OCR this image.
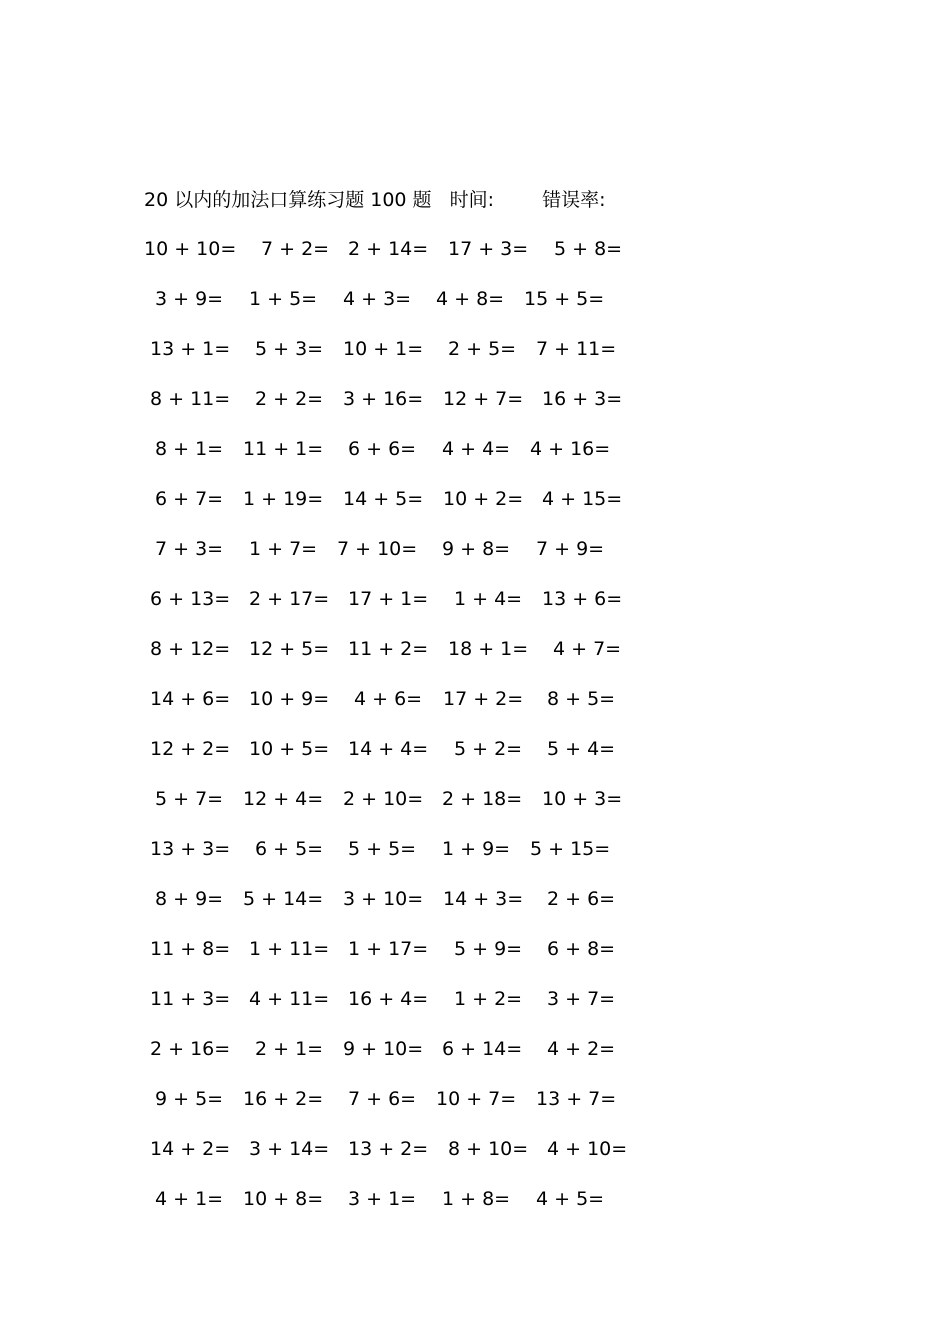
20 以内的加法口算练习题 100 题 时间:	错误率:
10 + 10= 7 + 2= 2 + 14= 17 + 3= 5 + 8=
3 + 9= 1 + 5= 4 + 3= 4 + 8= 15 + 5=
13 + 1= 5 + 3= 10 + 1= 2 + 5= 7 + 11=
8 + 11= 2 + 2= 3 + 16= 12 + 7= 16 + 3=
8 + 1= 11 + 1= 6 + 6= 4 + 4= 4 + 16=
6 + 7= 1 + 19= 14 + 5= 10 + 2= 4 + 15=
7 + 3= 1 + 7= 7 + 10= 9 + 8= 7 + 9=
6 + 13= 2 + 17= 17 + 1= 1 + 4= 13 + 6=
8 + 12= 12 + 5= 11 + 2= 18 + 1= 4 + 7=
14 + 6= 10 + 9= 4 + 6= 17 + 2= 8 + 5=
12 + 2= 10 + 5= 14 + 4= 5 + 2= 5 + 4=
5 + 7= 12 + 4= 2 + 10= 2 + 18= 10 + 3=
13 + 3= 6 + 5= 5 + 5= 1 + 9= 5 + 15=
8 + 9= 5 + 14= 3 + 10= 14 + 3= 2 + 6=
11 + 8= 1 + 11= 1 + 17= 5 + 9= 6 + 8=
11 + 3= 4 + 11= 16 + 4= 1 + 2= 3 + 7=
2 + 16= 2 + 1= 9 + 10= 6 + 14= 4 + 2=
9 + 5= 16 + 2= 7 + 6= 10 + 7= 13 + 7=
14 + 2= 3 + 14= 13 + 2= 8 + 10= 4 + 10=
4 + 1= 10 + 8= 3 + 1= 1 + 8= 4 + 5=
